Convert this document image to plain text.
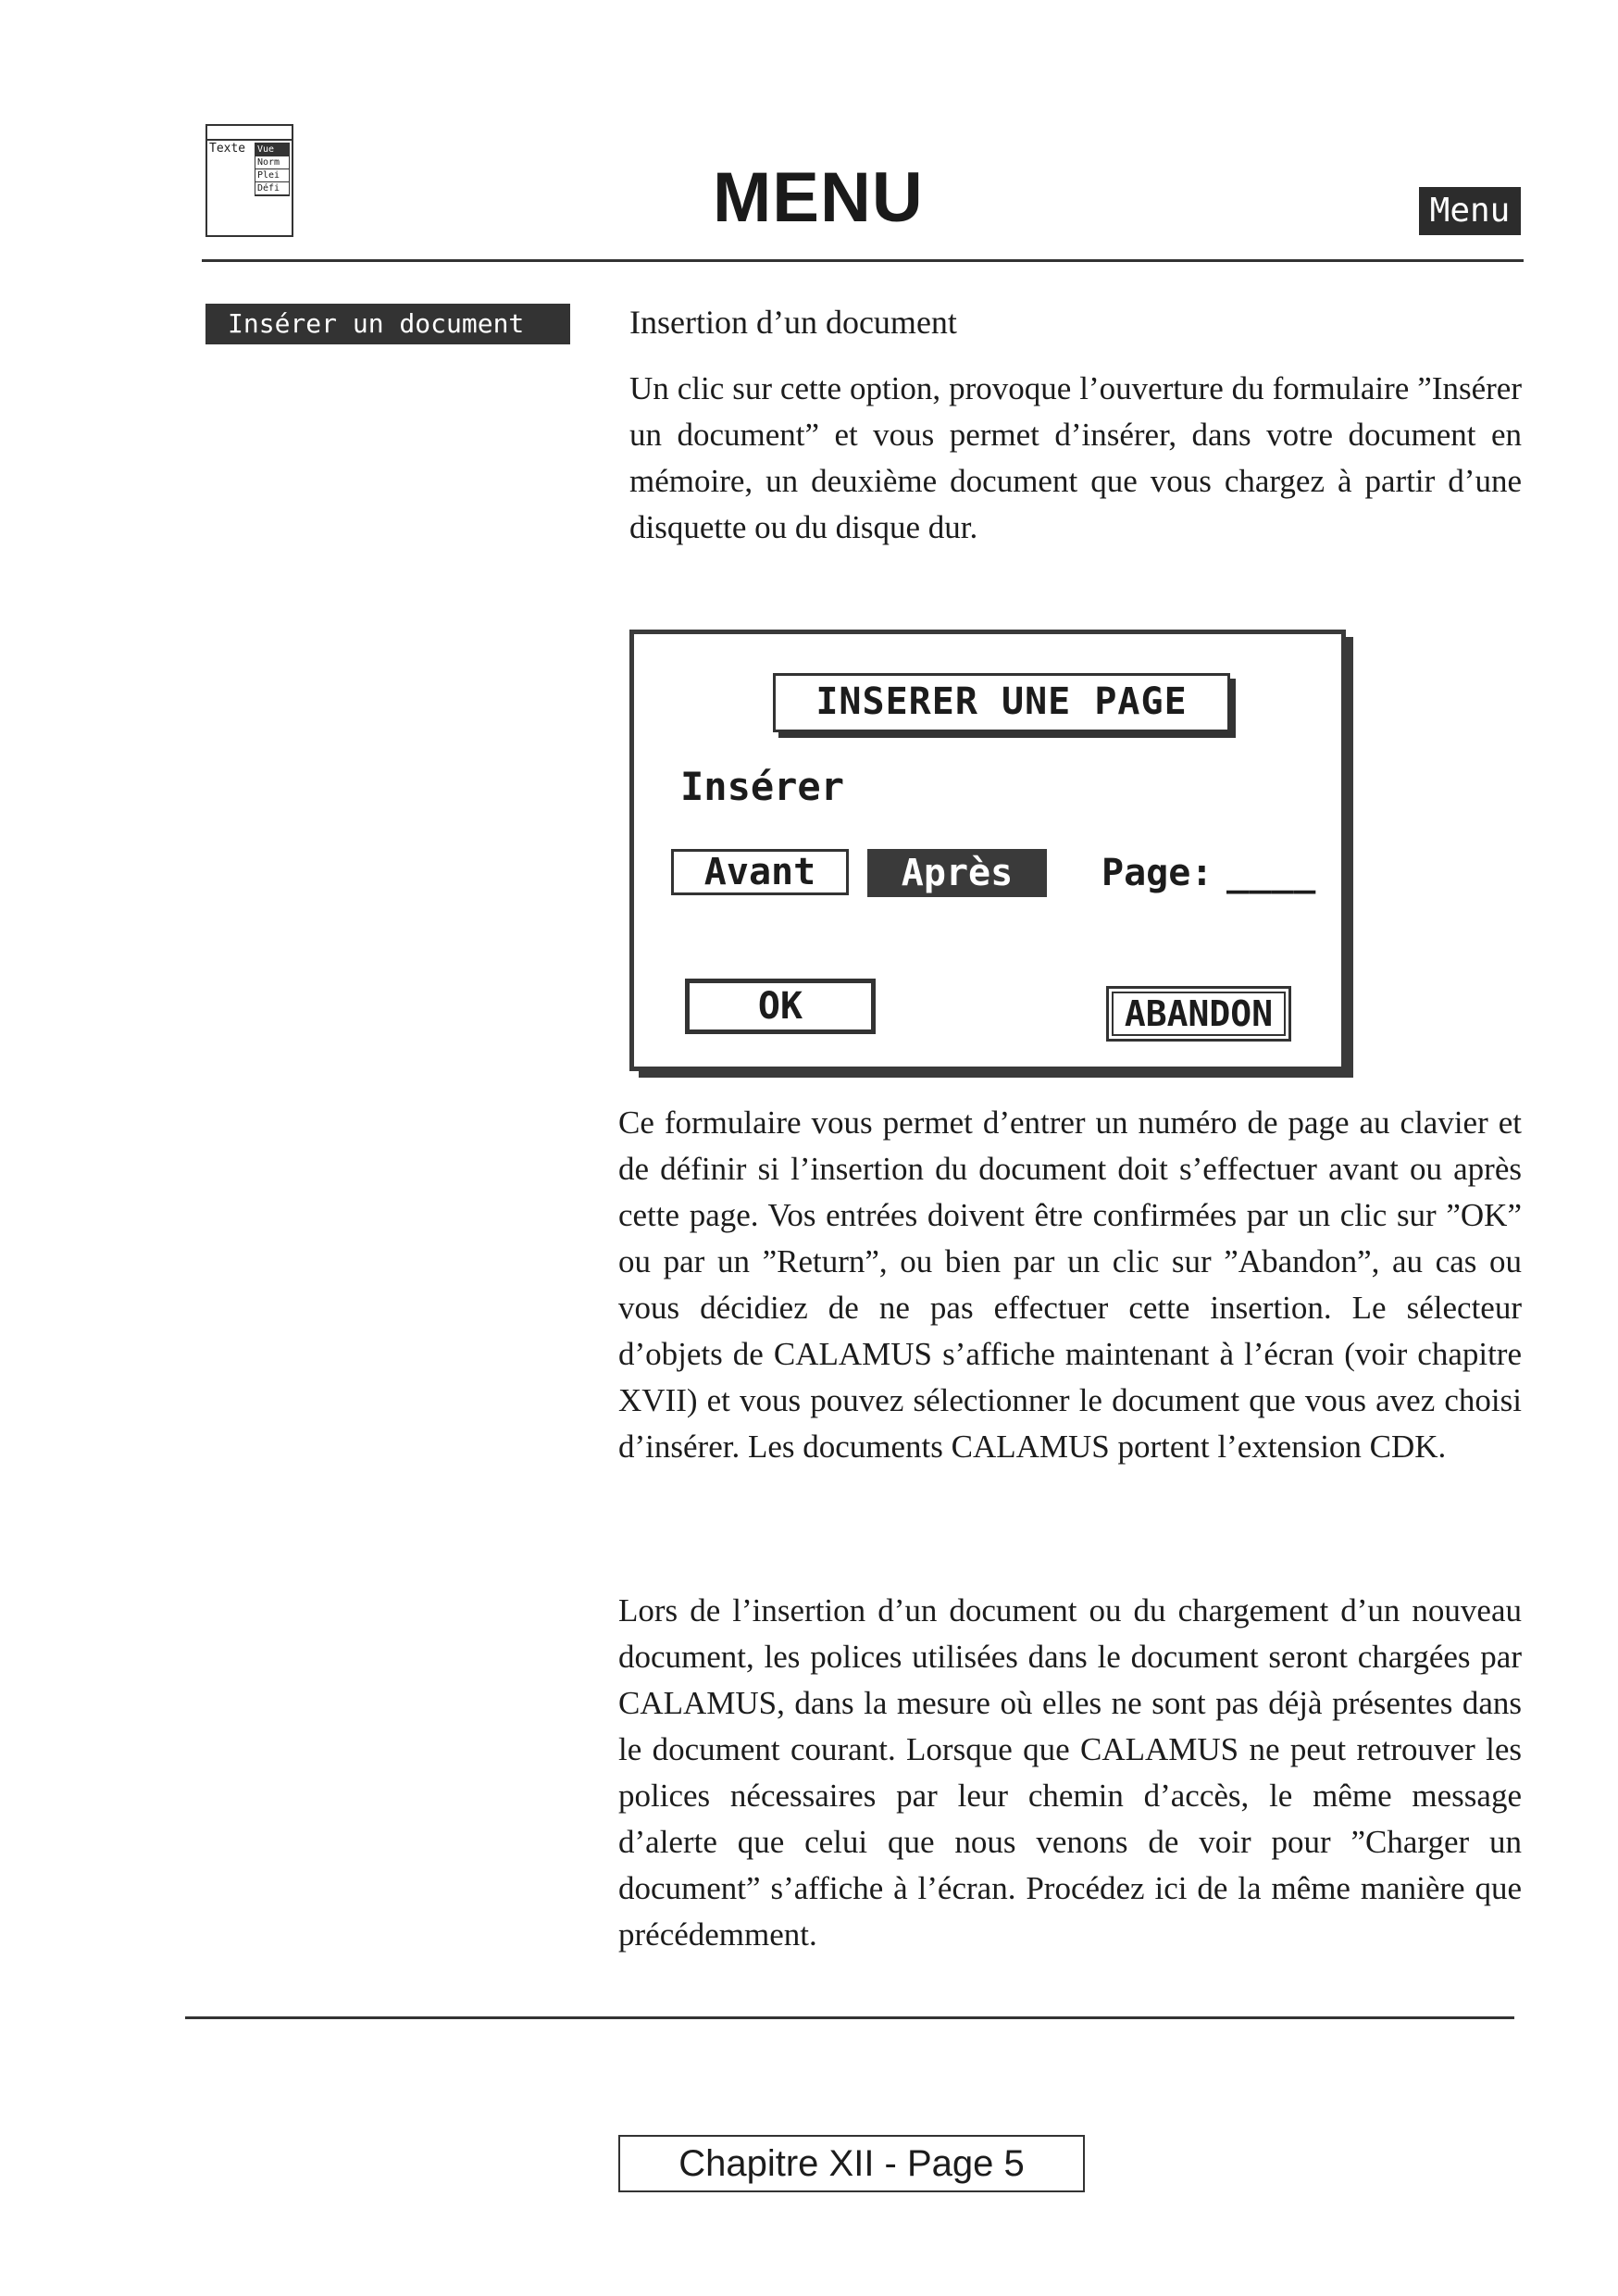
Texte Vue
Norm
Plei
Défi	MENU	Menu
Insérer un document	Insertion d’un document
Un clic sur cette option, provoque l’ouverture du formulaire ”Insérer un document” et vous permet d’insérer, dans votre document en mémoire, un deuxième document que vous chargez à partir d’une disquette ou du disque dur.
INSERER UNE PAGE
Insérer
Avant	Après	Page: ____
OK	ABANDON
Ce formulaire vous permet d’entrer un numéro de page au clavier et de définir si l’insertion du document doit s’effectuer avant ou après cette page. Vos entrées doivent être confirmées par un clic sur ”OK” ou par un ”Return”, ou bien par un clic sur ”Abandon”, au cas ou vous décidiez de ne pas effectuer cette insertion. Le sélecteur d’objets de CALAMUS s’affiche maintenant à l’écran (voir chapitre XVII) et vous pouvez sélectionner le document que vous avez choisi d’insérer. Les documents CALAMUS portent l’extension CDK.
Lors de l’insertion d’un document ou du chargement d’un nouveau document, les polices utilisées dans le document seront chargées par CALAMUS, dans la mesure où elles ne sont pas déjà présentes dans le document courant. Lorsque que CALAMUS ne peut retrouver les polices nécessaires par leur chemin d’accès, le même message d’alerte que celui que nous venons de voir pour ”Charger un document” s’affiche à l’écran. Procédez ici de la même manière que précédemment.
Chapitre XII - Page 5
